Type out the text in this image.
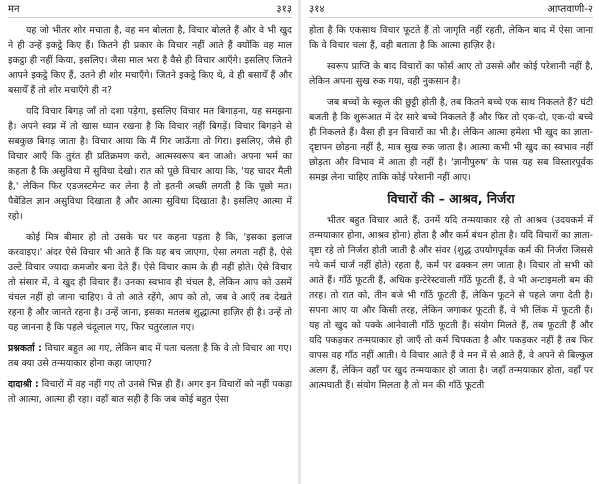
मन	३१३

यह जो भीतर शोर मचाता है, वह मन बोलता है, विचार बोलते हैं और वे भी खुद ने ही उन्हें इकट्ठे किए हैं। कितने ही प्रकार के विचार नहीं आते हैं क्योंकि वह माल इकट्ठा ही नहीं किया, इसलिए। जैसा माल भरा है वैसे ही विचार आएँगे। इसलिए जितने आपने इकट्ठे किए हैं, उतने ही शोर मचाएँगे। जितने इकट्ठे किए थे, वे ही बसायेँ हैं और बसायेँ हैं तो शोर मचाएँगे ही न?

यदि विचार बिगड़ जाँ तो दशा पड़ेगा, इसलिए विचार मत बिगाड़ना, यह समझना है। अपने स्वप्न में तो खास ध्यान रखना है कि विचार नहीं बिगड़ें। विचार बिगड़ने से सबकुछ बिगड़ जाता है। विचार आया कि मैं गिर जाऊँगा तो गिरा। इसलिए, जैसे ही विचार आएँ कि तुरंत ही प्रतिक्रमण करो, आत्मस्वरूप बन जाओ। अपना भर्म का कहता है कि असुविधा में सुविधा देखो। रात को पूछे विचार आया कि, 'यह चादर मैली है,' लेकिन फिर एडजस्टमेन्ट कर लेना है तो इतनी अच्छी लगती है कि पूछो मत। पैबेंडिल ज्ञान असुविधा दिखाता है और आत्मा सुविधा दिखाता है। इसलिए आत्मा में रहो।

कोई मित्र बीमार हो तो उसके घर पर कहना पड़ता है कि, 'इसका इलाज करवाइए।' अंदर ऐसे विचार भी आते हैं कि यह बच जाएगा, ऐसा लगता नहीं है, ऐसे उल्टे विचार ज्यादा कमजोर बना देते हैं। ऐसे विचार काम के ही नहीं होते। ऐसे विचार तो संसार में, वे खुद ही विचार हैं। उनका स्वभाव ही चंचल है, लेकिन आप को उसमें चंचल नहीं हो जाना चाहिए। वे तो आते रहेंगे, आप को तो, जब वे आएँ तब देखते रहना है और जानते रहना है। उन्हें जाना, इसका मतलब शुद्धात्मा हाज़िर ही है। उन्हें तो यह जानना है कि पहले चंदूलाल गए, फिर चतुरलाल गए।

प्रश्नकर्ता : विचार बहुत आ गए, लेकिन बाद में पता चलता है कि वे तो विचार आ गए। तब क्या उसे तन्मयाकार होना कहा जाएगा?

दादाश्री : विचारों में वह नहीं गए तो उनसे भिन्न ही हैं। अगर इन विचारों को नहीं पकड़ा तो आत्मा, आत्मा ही रहा। वहाँ बात सही है कि जब कोई बहुत ऐसा

३१४	आप्तवाणी-२

होता है कि एकसाथ विचार फूटते हैं तो जागृति नहीं रहती, लेकिन बाद में ऐसा जाना कि वे विचार चला हैं, वही बताता है कि आत्मा हाज़िर है।

स्वरूप प्राप्ति के बाद विचारों का फोर्स आए तो उससे और कोई परेशानी नहीं है, लेकिन अपना सुख रुक गया, वही नुकसान है।

जब बच्चों के स्कूल की छुट्टी होती है, तब कितने बच्चे एक साथ निकलते हैं? घंटी बजती है कि शुरूआत में देर सारे बच्चे निकलते हैं और फिर तो एक-दो, एक-दो बच्चे ही निकलते हैं। वैसा ही इन विचारों का भी है। लेकिन आत्मा हमेशा भी खुद का ज्ञाता-दृष्टापन छोड़ना नहीं है, मात्र सुख रुक जाता है। आत्मा कभी भी खुद का स्वभाव नहीं छोड़ता और विभाव में आता ही नहीं है। 'ज्ञानीपुरुष' के पास यह सब विस्तारपूर्वक समझ लेना चाहिए ताकि कोई परेशानी नहीं आए।

विचारों की – आश्रव, निर्जरा

भीतर बहुत विचार आते हैं, उनमें यदि तन्मयाकार रहे तो आश्रव (उदयकर्म में तन्मयाकार होना, आश्रव होना) होता है और कर्म बंधन होता है। यदि विचारों का ज्ञाता-दृष्टा रहे तो निर्जरा होती जाती है और संवर (शुद्ध उपयोगपूर्वक कर्म की निर्जरा जिससे नये कर्म चार्ज नहीं होते) रहता है, कर्म पर ढक्कन लग जाता है। विचार तो सभी को आते हैं। गाँठें फूटती हैं, अधिक इन्टेरेस्टवाली गाँठें फूटती हैं, वे भी अन्टाइमली बम की तरह। तो रात को, तीन बजे भी गाँठें फूटती हैं, लेकिन फूटने से पहले जगा देती है। सपना आए या और किसी तरह, लेकिन जगाकर फूटती हैं, वे भी लिंक में फूटती हैं। यह तो खुद को पक्के आनेवाली गाँठें फूटती हैं। संयोग मिलते हैं, तब फूटती हैं और यदि पकड़कर तन्मयाकार हो जाएँ तो कर्म चिपकता है और पकड़कर नहीं है तब फिर वापस वह गाँठ नहीं आती। ये विचार आते हैं वे मन में से आते हैं, वे अपने से बिल्कुल अलग हैं, लेकिन वहाँ पर खुद तन्मयाकार हो जाता है। जहाँ तन्मयाकार होता, वहाँ पर आत्मघाती हैं। संयोग मिलता है तो मन की गाँठें फूटती
